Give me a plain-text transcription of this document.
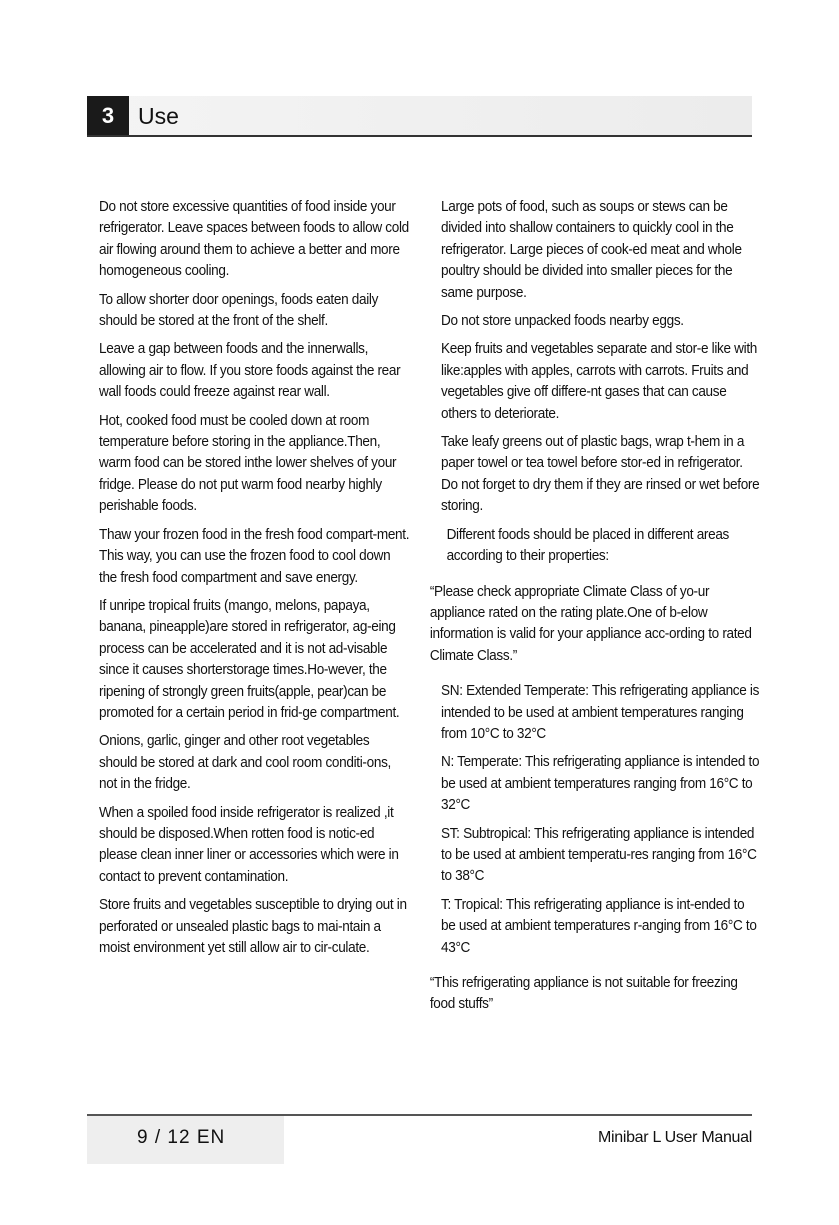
3	Use

Do not store excessive quantities of food inside your refrigerator. Leave spaces between foods to allow cold air flowing around them to achieve a better and more homogeneous cooling.

To allow shorter door openings, foods eaten daily should be stored at the front of the shelf.

Leave a gap between foods and the innerwalls, allowing air to flow. If you store foods against the rear wall foods could freeze against rear wall.

Hot, cooked food must be cooled down at room temperature before storing in the appliance.Then, warm food can be stored inthe lower shelves of your fridge. Please do not put warm food nearby highly perishable foods.

Thaw your frozen food in the fresh food compart-ment. This way, you can use the frozen food to cool down the fresh food compartment and save energy.

If unripe tropical fruits (mango, melons, papaya, banana, pineapple)are stored in refrigerator, ag-eing process can be accelerated and it is not ad-visable since it causes shorterstorage times.Ho-wever, the ripening of strongly green fruits(apple, pear)can be promoted for a certain period in frid-ge compartment.

Onions, garlic, ginger and other root vegetables should be stored at dark and cool room conditi-ons, not in the fridge.

When a spoiled food inside refrigerator is realized ,it should be disposed.When rotten food is notic-ed please clean inner liner or accessories which were in contact to prevent contamination.

Store fruits and vegetables susceptible to drying out in perforated or unsealed plastic bags to mai-ntain a moist environment yet still allow air to cir-culate.

Large pots of food, such as soups or stews can be divided into shallow containers to quickly cool in the refrigerator. Large pieces of cook-ed meat and whole poultry should be divided into smaller pieces for the same purpose.

Do not store unpacked foods nearby eggs.

Keep fruits and vegetables separate and stor-e like with like:apples with apples, carrots with carrots. Fruits and vegetables give off differe-nt gases that can cause others to deteriorate.

Take leafy greens out of plastic bags, wrap t-hem in a paper towel or tea towel before stor-ed in refrigerator. Do not forget to dry them if they are rinsed or wet before storing.

Different foods should be placed in different areas according to their properties:

“Please check appropriate Climate Class of yo-ur appliance rated on the rating plate.One of b-elow information is valid for your appliance acc-ording to rated Climate Class.”

SN: Extended Temperate: This refrigerating appliance is intended to be used at ambient temperatures ranging from 10°C to 32°C

N: Temperate: This refrigerating appliance is intended to be used at ambient temperatures ranging from 16°C to 32°C

ST: Subtropical: This refrigerating appliance is intended to be used at ambient temperatu-res ranging from 16°C to 38°C

T: Tropical: This refrigerating appliance is int-ended to be used at ambient temperatures r-anging from 16°C to 43°C

“This refrigerating appliance is not suitable for freezing food stuffs”

9 / 12 EN	Minibar L User Manual
